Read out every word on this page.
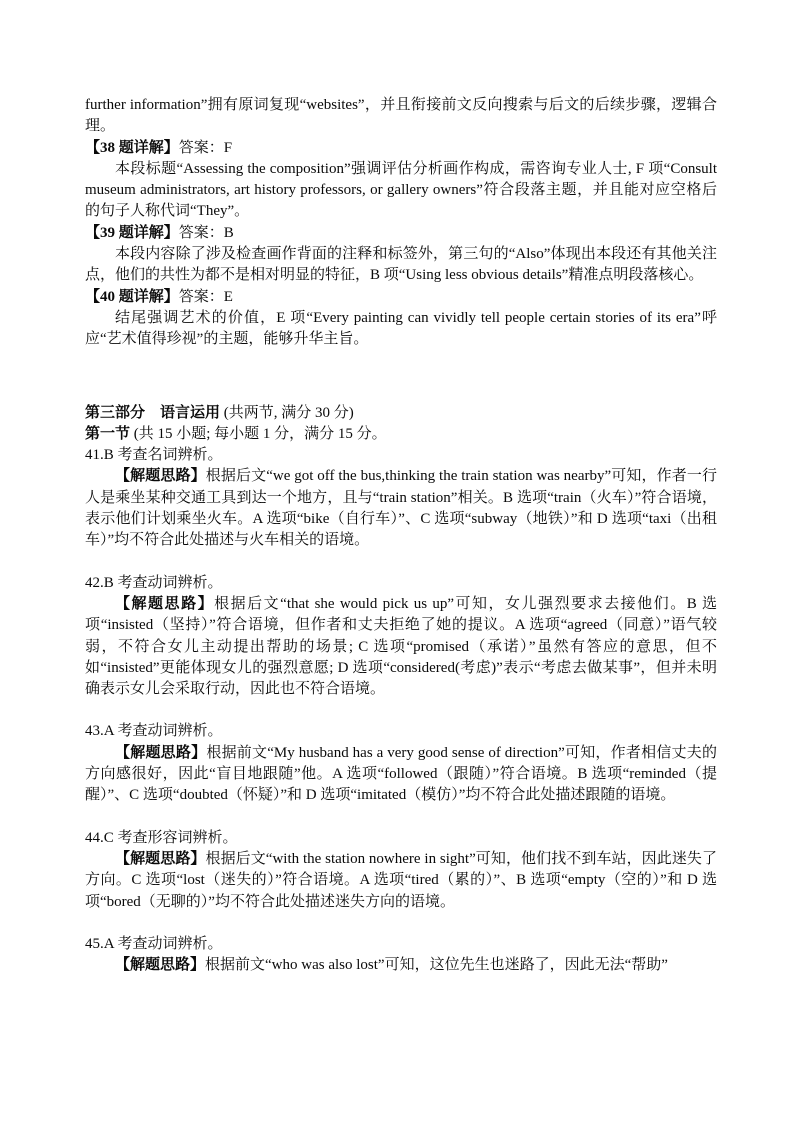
further information”拥有原词复现“websites”，并且衔接前文反向搜索与后文的后续步骤，逻辑合理。

【38 题详解】答案：F

本段标题“Assessing the composition”强调评估分析画作构成，需咨询专业人士, F 项“Consult museum administrators, art history professors, or gallery owners”符合段落主题，并且能对应空格后的句子人称代词“They”。

【39 题详解】答案：B

本段内容除了涉及检查画作背面的注释和标签外，第三句的“Also”体现出本段还有其他关注点，他们的共性为都不是相对明显的特征，B 项“Using less obvious details”精准点明段落核心。

【40 题详解】答案：E

结尾强调艺术的价值，E 项“Every painting can vividly tell people certain stories of its era”呼应“艺术值得珍视”的主题，能够升华主旨。

第三部分　语言运用 (共两节, 满分 30 分)

第一节 (共 15 小题; 每小题 1 分，满分 15 分。

41.B 考查名词辨析。

【解题思路】根据后文“we got off the bus,thinking the train station was nearby”可知，作者一行人是乘坐某种交通工具到达一个地方，且与“train station”相关。B 选项“train（火车）”符合语境，表示他们计划乘坐火车。A 选项“bike（自行车）”、C 选项“subway（地铁）”和 D 选项“taxi（出租车）”均不符合此处描述与火车相关的语境。

42.B 考查动词辨析。

【解题思路】根据后文“that she would pick us up”可知，女儿强烈要求去接他们。B 选项“insisted（坚持）”符合语境，但作者和丈夫拒绝了她的提议。A 选项“agreed（同意）”语气较弱，不符合女儿主动提出帮助的场景; C 选项“promised（承诺）”虽然有答应的意思，但不如“insisted”更能体现女儿的强烈意愿; D 选项“considered(考虑)”表示“考虑去做某事”，但并未明确表示女儿会采取行动，因此也不符合语境。

43.A 考查动词辨析。

【解题思路】根据前文“My husband has a very good sense of direction”可知，作者相信丈夫的方向感很好，因此“盲目地跟随”他。A 选项“followed（跟随）”符合语境。B 选项“reminded（提醒）”、C 选项“doubted（怀疑）”和 D 选项“imitated（模仿）”均不符合此处描述跟随的语境。

44.C 考查形容词辨析。

【解题思路】根据后文“with the station nowhere in sight”可知，他们找不到车站，因此迷失了方向。C 选项“lost（迷失的）”符合语境。A 选项“tired（累的）”、B 选项“empty（空的）”和 D 选项“bored（无聊的）”均不符合此处描述迷失方向的语境。

45.A 考查动词辨析。

【解题思路】根据前文“who was also lost”可知，这位先生也迷路了，因此无法“帮助”
